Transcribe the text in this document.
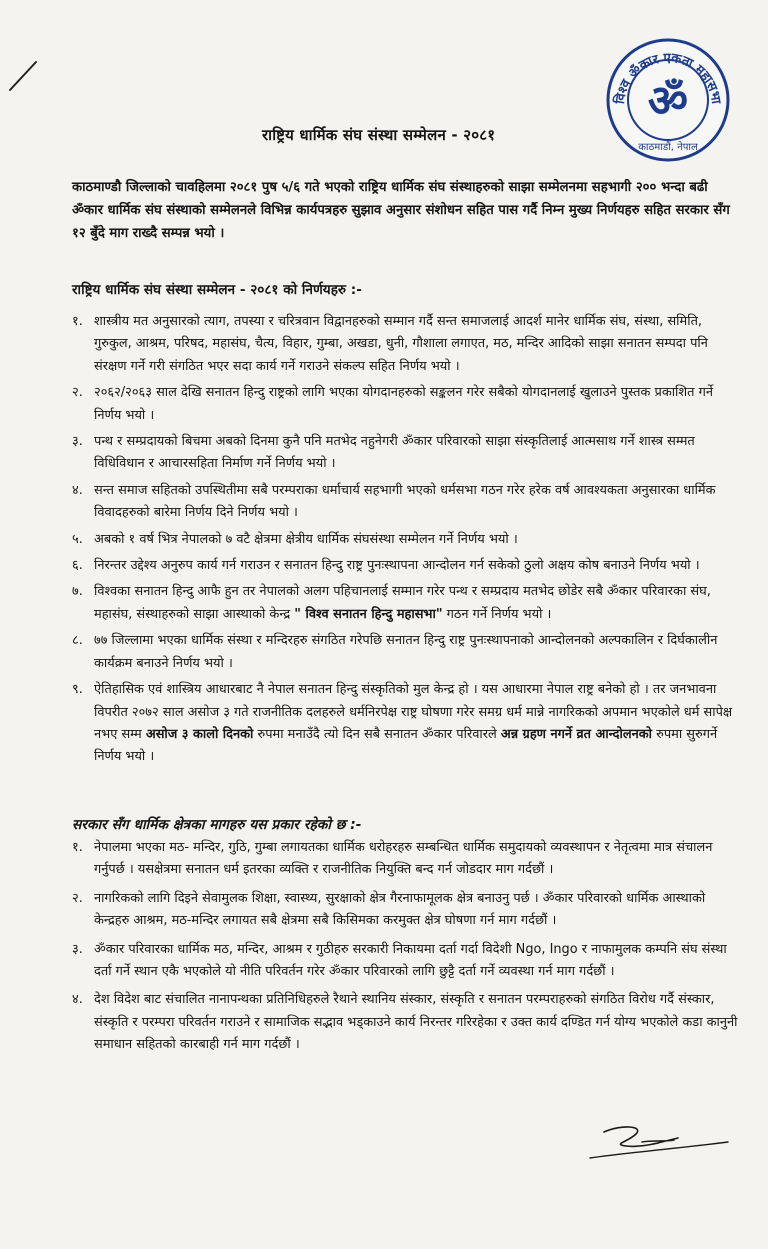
विश्व ॐकार एकता महासभा
ॐ
काठमाडौं, नेपाल
राष्ट्रिय धार्मिक संघ संस्था सम्मेलन - २०८१
काठमाण्डौ जिल्लाको चावहिलमा २०८१ पुष ५/६ गते भएको राष्ट्रिय धार्मिक संघ संस्थाहरुको साझा सम्मेलनमा सहभागी २०० भन्दा बढी ॐकार धार्मिक संघ संस्थाको सम्मेलनले विभिन्न कार्यपत्रहरु सुझाव अनुसार संशोधन सहित पास गर्दै निम्न मुख्य निर्णयहरु सहित सरकार सँग १२ बुँदे माग राख्दै सम्पन्न भयो ।
राष्ट्रिय धार्मिक संघ संस्था सम्मेलन - २०८१ को निर्णयहरु :-
१. शास्त्रीय मत अनुसारको त्याग, तपस्या र चरित्रवान विद्वानहरुको सम्मान गर्दै सन्त समाजलाई आदर्श मानेर धार्मिक संघ, संस्था, समिति, गुरुकुल, आश्रम, परिषद, महासंघ, चैत्य, विहार, गुम्बा, अखडा, धुनी, गौशाला लगाएत, मठ, मन्दिर आदिको साझा सनातन सम्पदा पनि संरक्षण गर्ने गरी संगठित भएर सदा कार्य गर्ने गराउने संकल्प सहित निर्णय भयो ।
२. २०६२/२०६३ साल देखि सनातन हिन्दु राष्ट्रको लागि भएका योगदानहरुको सङ्कलन गरेर सबैको योगदानलाई खुलाउने पुस्तक प्रकाशित गर्ने निर्णय भयो ।
३. पन्थ र सम्प्रदायको बिचमा अबको दिनमा कुनै पनि मतभेद नहुनेगरी ॐकार परिवारको साझा संस्कृतिलाई आत्मसाथ गर्ने शास्त्र सम्मत विधिविधान र आचारसहिता निर्माण गर्ने निर्णय भयो ।
४. सन्त समाज सहितको उपस्थितीमा सबै परम्पराका धर्माचार्य सहभागी भएको धर्मसभा गठन गरेर हरेक वर्ष आवश्यकता अनुसारका धार्मिक विवादहरुको बारेमा निर्णय दिने निर्णय भयो ।
५. अबको १ वर्ष भित्र नेपालको ७ वटै क्षेत्रमा क्षेत्रीय धार्मिक संघसंस्था सम्मेलन गर्ने निर्णय भयो ।
६. निरन्तर उद्देश्य अनुरुप कार्य गर्न गराउन र सनातन हिन्दु राष्ट्र पुनःस्थापना आन्दोलन गर्न सकेको ठुलो अक्षय कोष बनाउने निर्णय भयो ।
७. विश्वका सनातन हिन्दु आफै हुन तर नेपालको अलग पहिचानलाई सम्मान गरेर पन्थ र सम्प्रदाय मतभेद छोडेर सबै ॐकार परिवारका संघ, महासंघ, संस्थाहरुको साझा आस्थाको केन्द्र " विश्व सनातन हिन्दु महासभा" गठन गर्ने निर्णय भयो ।
८. ७७ जिल्लामा भएका धार्मिक संस्था र मन्दिरहरु संगठित गरेपछि सनातन हिन्दु राष्ट्र पुनःस्थापनाको आन्दोलनको अल्पकालिन र दिर्घकालीन कार्यक्रम बनाउने निर्णय भयो ।
९. ऐतिहासिक एवं शास्त्रिय आधारबाट नै नेपाल सनातन हिन्दु संस्कृतिको मुल केन्द्र हो । यस आधारमा नेपाल राष्ट्र बनेको हो । तर जनभावना विपरीत २०७२ साल असोज ३ गते राजनीतिक दलहरुले धर्मनिरपेक्ष राष्ट्र घोषणा गरेर समग्र धर्म मान्ने नागरिकको अपमान भएकोले धर्म सापेक्ष नभए सम्म असोज ३ कालो दिनको रुपमा मनाउँदै त्यो दिन सबै सनातन ॐकार परिवारले अन्न ग्रहण नगर्ने व्रत आन्दोलनको रुपमा सुरुगर्ने निर्णय भयो ।
सरकार सँग धार्मिक क्षेत्रका मागहरु यस प्रकार रहेको छ :-
१. नेपालमा भएका मठ- मन्दिर, गुठि, गुम्बा लगायतका धार्मिक धरोहरहरु सम्बन्धित धार्मिक समुदायको व्यवस्थापन र नेतृत्वमा मात्र संचालन गर्नुपर्छ । यसक्षेत्रमा सनातन धर्म इतरका व्यक्ति र राजनीतिक नियुक्ति बन्द गर्न जोडदार माग गर्दछौं ।
२. नागरिकको लागि दिइने सेवामुलक शिक्षा, स्वास्थ्य, सुरक्षाको क्षेत्र गैरनाफामूलक क्षेत्र बनाउनु पर्छ । ॐकार परिवारको धार्मिक आस्थाको केन्द्रहरु आश्रम, मठ-मन्दिर लगायत सबै क्षेत्रमा सबै किसिमका करमुक्त क्षेत्र घोषणा गर्न माग गर्दछौं ।
३. ॐकार परिवारका धार्मिक मठ, मन्दिर, आश्रम र गुठीहरु सरकारी निकायमा दर्ता गर्दा विदेशी Ngo, Ingo र नाफामुलक कम्पनि संघ संस्था दर्ता गर्ने स्थान एकै भएकोले यो नीति परिवर्तन गरेर ॐकार परिवारको लागि छुट्टै दर्ता गर्ने व्यवस्था गर्न माग गर्दछौं ।
४. देश विदेश बाट संचालित नानापन्थका प्रतिनिधिहरुले रैथाने स्थानिय संस्कार, संस्कृति र सनातन परम्पराहरुको संगठित विरोध गर्दै संस्कार, संस्कृति र परम्परा परिवर्तन गराउने र सामाजिक सद्भाव भड्काउने कार्य निरन्तर गरिरहेका र उक्त कार्य दण्डित गर्न योग्य भएकोले कडा कानुनी समाधान सहितको कारबाही गर्न माग गर्दछौं ।
